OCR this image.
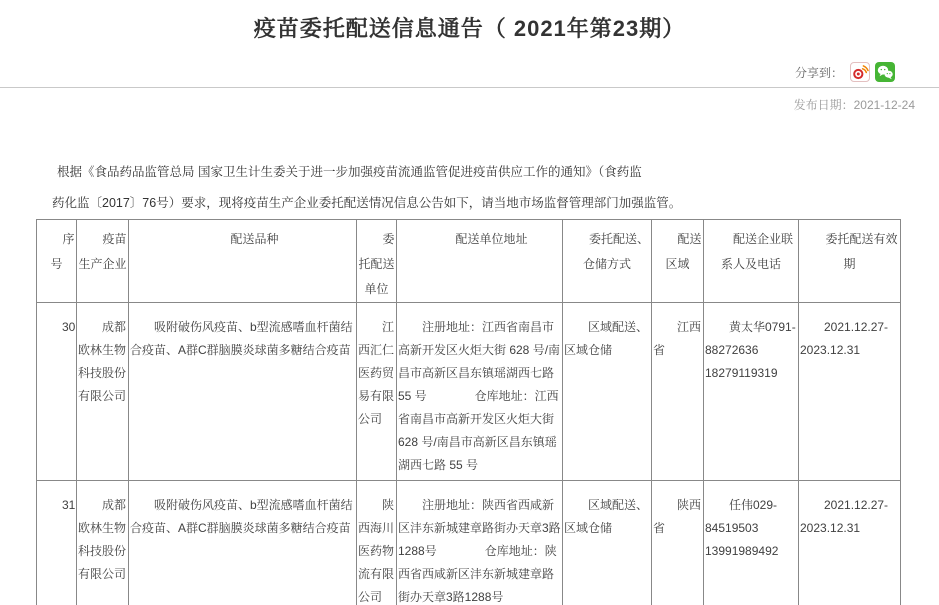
疫苗委托配送信息通告（ 2021年第23期）
分享到：
发布日期：2021-12-24
根据《食品药品监管总局 国家卫生计生委关于进一步加强疫苗流通监管促进疫苗供应工作的通知》（食药监
药化监〔2017〕76号）要求，现将疫苗生产企业委托配送情况信息公告如下，请当地市场监督管理部门加强监管。
序号	疫苗生产企业	配送品种	委托配送单位	配送单位地址	委托配送、仓储方式	配送区域	配送企业联系人及电话	委托配送有效期
30	成都欧林生物科技股份有限公司	吸附破伤风疫苗、b型流感嗜血杆菌结合疫苗、A群C群脑膜炎球菌多糖结合疫苗	江西汇仁医药贸易有限公司	注册地址：江西省南昌市高新开发区火炬大街 628 号/南昌市高新区昌东镇瑶湖西七路 55 号　　　　仓库地址：江西省南昌市高新开发区火炬大街 628 号/南昌市高新区昌东镇瑶湖西七路 55 号	区域配送、区域仓储	江西省	黄太华0791-88272636 18279119319	2021.12.27-2023.12.31
31	成都欧林生物科技股份有限公司	吸附破伤风疫苗、b型流感嗜血杆菌结合疫苗、A群C群脑膜炎球菌多糖结合疫苗	陕西海川医药物流有限公司	注册地址：陕西省西咸新区沣东新城建章路街办天章3路1288号　　　　仓库地址：陕西省西咸新区沣东新城建章路街办天章3路1288号	区域配送、区域仓储	陕西省	任伟029-84519503 13991989492	2021.12.27-2023.12.31
